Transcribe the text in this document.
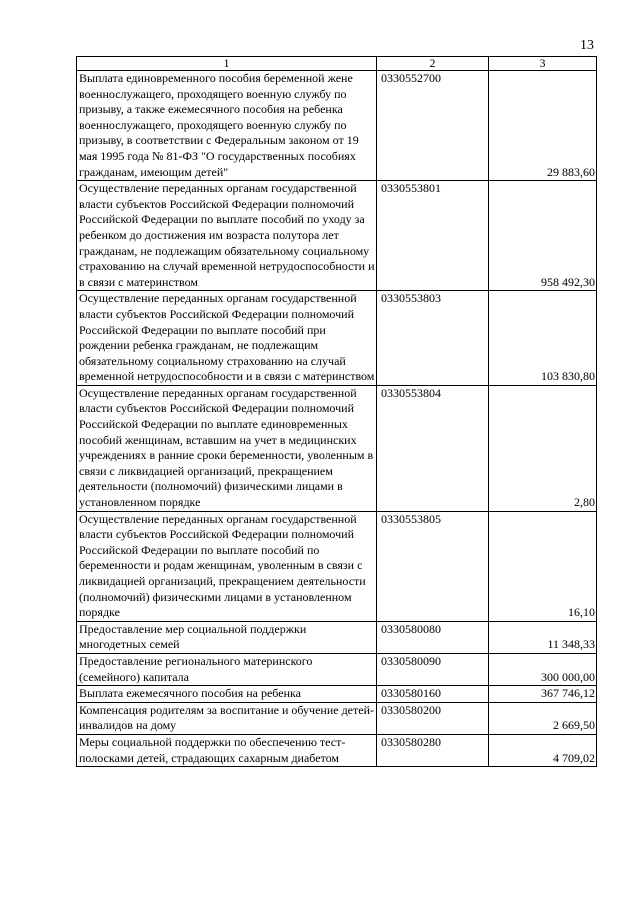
13
1	2	3
Выплата единовременного пособия беременной жене военнослужащего, проходящего военную службу по призыву, а также ежемесячного пособия на ребенка военнослужащего, проходящего военную службу по призыву, в соответствии с Федеральным законом от 19 мая 1995 года № 81-ФЗ "О государственных пособиях гражданам, имеющим детей"	0330552700	29 883,60
Осуществление переданных органам государственной власти субъектов Российской Федерации полномочий Российской Федерации по выплате пособий по уходу за ребенком до достижения им возраста полутора лет гражданам, не подлежащим обязательному социальному страхованию на случай временной нетрудоспособности и в связи с материнством	0330553801	958 492,30
Осуществление переданных органам государственной власти субъектов Российской Федерации полномочий Российской Федерации по выплате пособий при рождении ребенка гражданам, не подлежащим обязательному социальному страхованию на случай временной нетрудоспособности и в связи с материнством	0330553803	103 830,80
Осуществление переданных органам государственной власти субъектов Российской Федерации полномочий Российской Федерации по выплате единовременных пособий женщинам, вставшим на учет в медицинских учреждениях в ранние сроки беременности, уволенным в связи с ликвидацией организаций, прекращением деятельности (полномочий) физическими лицами в установленном порядке	0330553804	2,80
Осуществление переданных органам государственной власти субъектов Российской Федерации полномочий Российской Федерации по выплате пособий по беременности и родам женщинам, уволенным в связи с ликвидацией организаций, прекращением деятельности (полномочий) физическими лицами в установленном порядке	0330553805	16,10
Предоставление мер социальной поддержки многодетных семей	0330580080	11 348,33
Предоставление регионального материнского (семейного) капитала	0330580090	300 000,00
Выплата ежемесячного пособия на ребенка	0330580160	367 746,12
Компенсация родителям за воспитание и обучение детей-инвалидов на дому	0330580200	2 669,50
Меры социальной поддержки по обеспечению тест-полосками детей, страдающих сахарным диабетом	0330580280	4 709,02
